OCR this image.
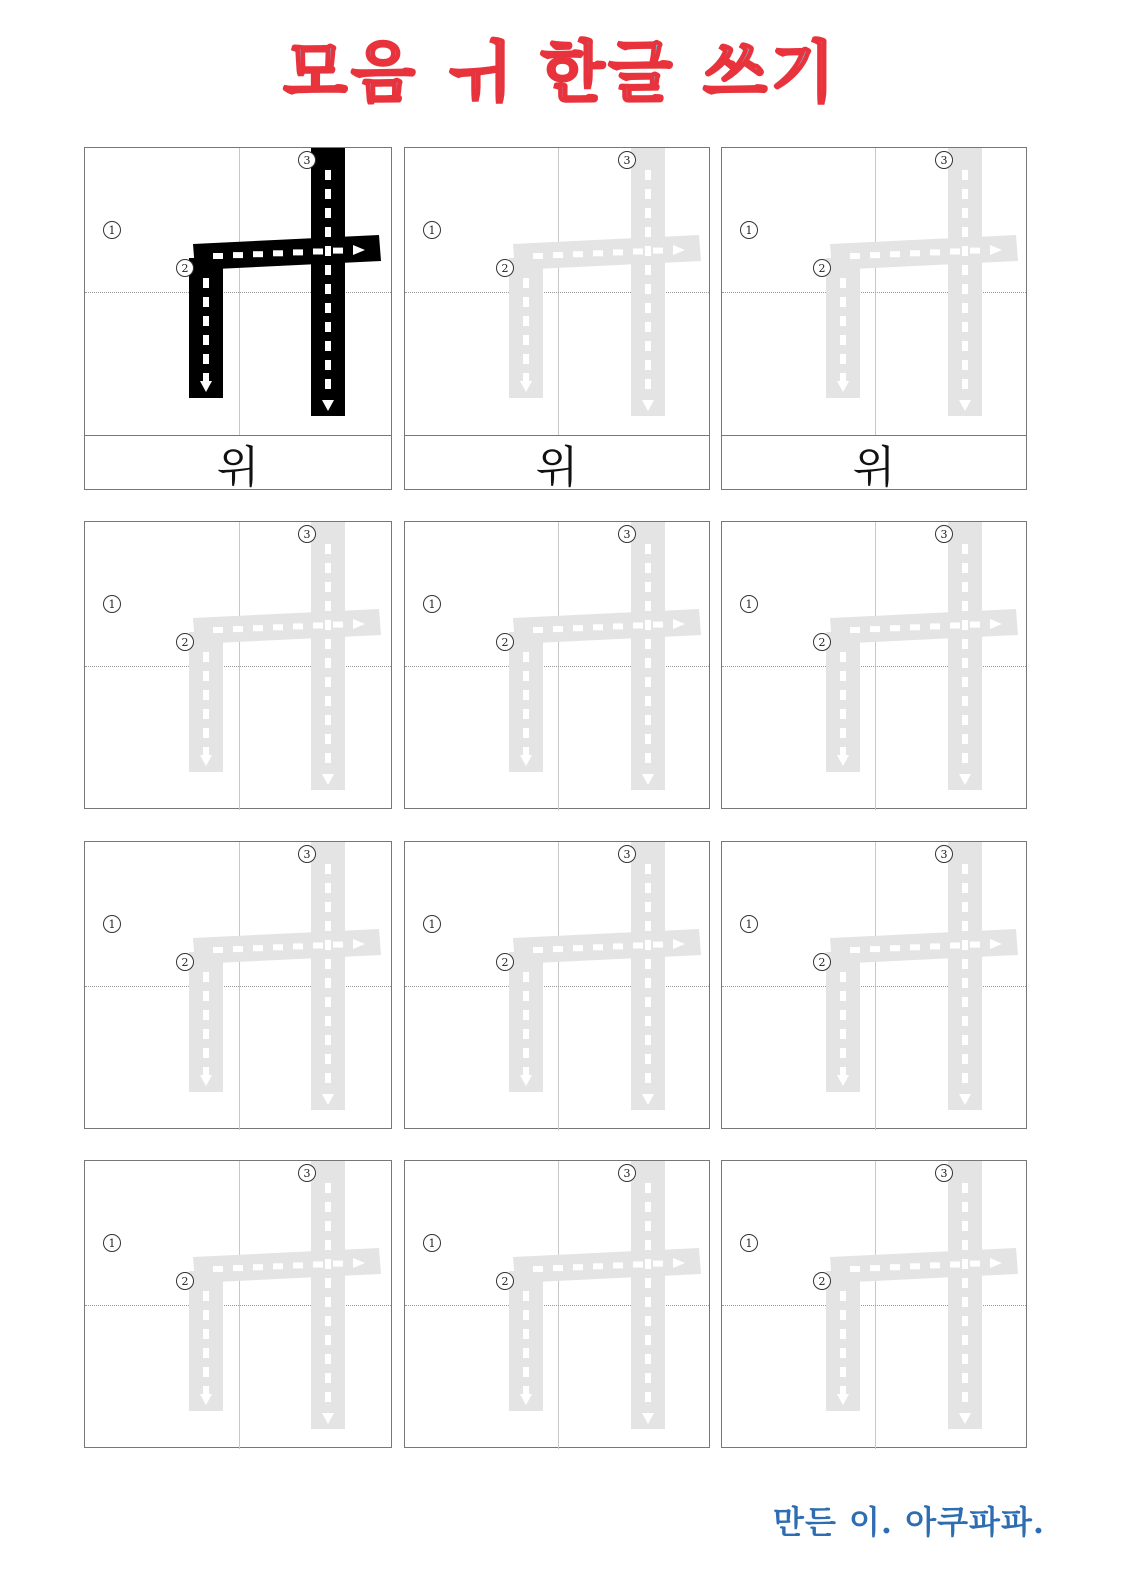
모음 ㅟ 한글 쓰기
1
2
3
위
1
2
3
위
1
2
3
위
1
2
3
1
2
3
1
2
3
1
2
3
1
2
3
1
2
3
1
2
3
1
2
3
1
2
3
만든 이. 아쿠파파.
